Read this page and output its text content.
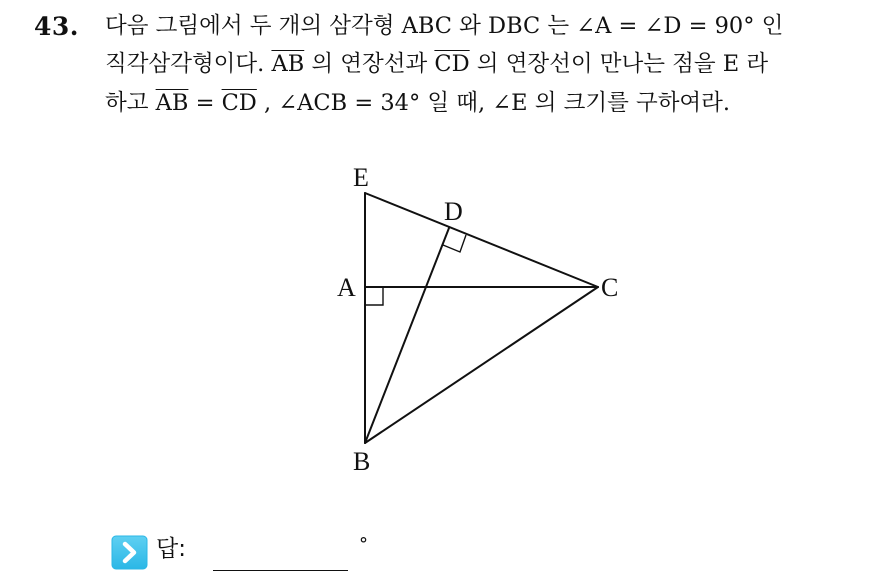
43. 다음 그림에서 두 개의 삼각형 ABC 와 DBC 는 ∠A = ∠D = 90° 인
직각삼각형이다. $\overline{AB}$ 의 연장선과 $\overline{CD}$ 의 연장선이 만나는 점을 E 라
하고 $\overline{AB} = \overline{CD}$ , ∠ACB = 34° 일 때, ∠E 의 크기를 구하여라.
E
D
A	C
B
답:	°
